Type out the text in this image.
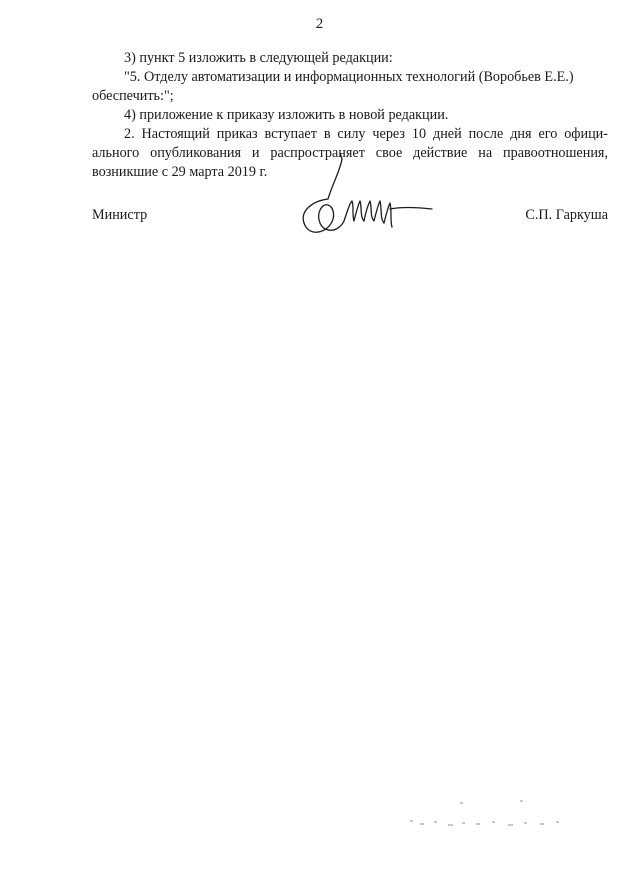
2

3) пункт 5 изложить в следующей редакции:

"5. Отделу автоматизации и информационных технологий (Воробьев Е.Е.)

обеспечить:";

4) приложение к приказу изложить в новой редакции.

2. Настоящий приказ вступает в силу через 10 дней после дня его офици-

ального опубликования и распространяет свое действие на правоотношения,

возникшие с 29 марта 2019 г.

Министр	С.П. Гаркуша
